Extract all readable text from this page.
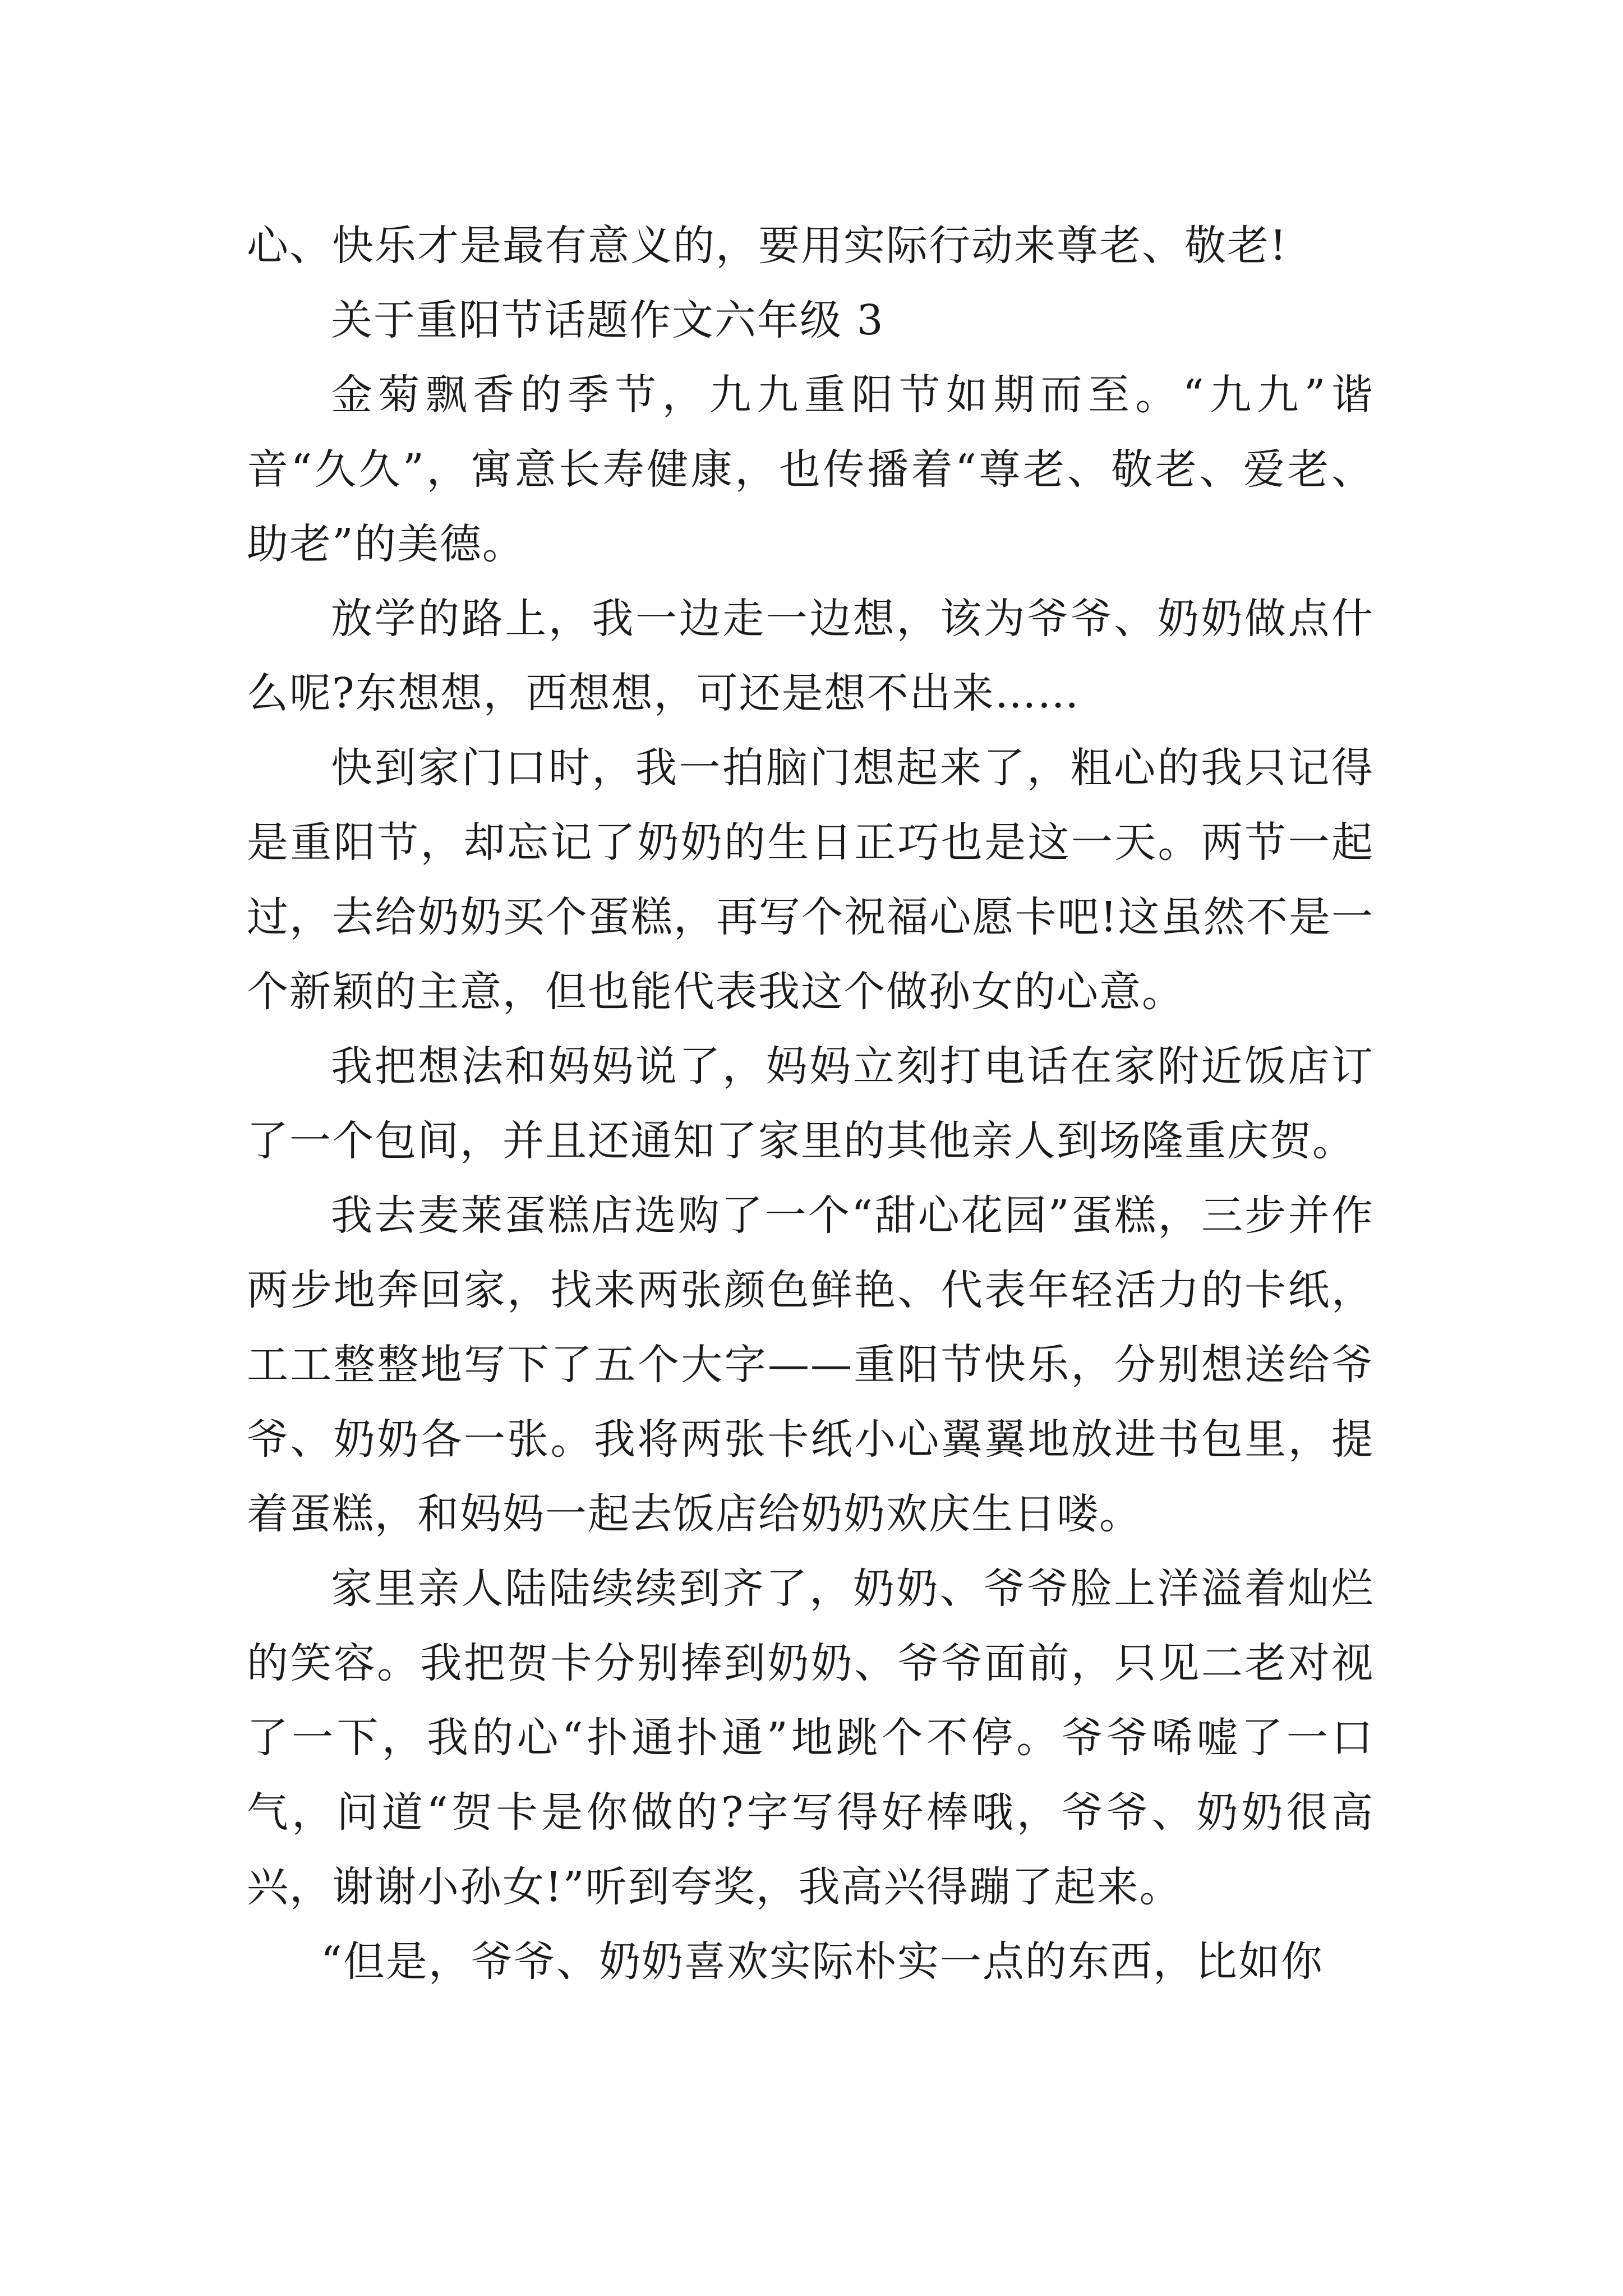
心、快乐才是最有意义的，要用实际行动来尊老、敬老!

关于重阳节话题作文六年级 3

金菊飘香的季节，九九重阳节如期而至。“九九”谐音“久久”，寓意长寿健康，也传播着“尊老、敬老、爱老、助老”的美德。

放学的路上，我一边走一边想，该为爷爷、奶奶做点什么呢?东想想，西想想，可还是想不出来……

快到家门口时，我一拍脑门想起来了，粗心的我只记得是重阳节，却忘记了奶奶的生日正巧也是这一天。两节一起过，去给奶奶买个蛋糕，再写个祝福心愿卡吧!这虽然不是一个新颖的主意，但也能代表我这个做孙女的心意。

我把想法和妈妈说了，妈妈立刻打电话在家附近饭店订了一个包间，并且还通知了家里的其他亲人到场隆重庆贺。

我去麦莱蛋糕店选购了一个“甜心花园”蛋糕，三步并作两步地奔回家，找来两张颜色鲜艳、代表年轻活力的卡纸，工工整整地写下了五个大字——重阳节快乐，分别想送给爷爷、奶奶各一张。我将两张卡纸小心翼翼地放进书包里，提着蛋糕，和妈妈一起去饭店给奶奶欢庆生日喽。

家里亲人陆陆续续到齐了，奶奶、爷爷脸上洋溢着灿烂的笑容。我把贺卡分别捧到奶奶、爷爷面前，只见二老对视了一下，我的心“扑通扑通”地跳个不停。爷爷唏嘘了一口气，问道“贺卡是你做的?字写得好棒哦，爷爷、奶奶很高兴，谢谢小孙女!”听到夸奖，我高兴得蹦了起来。

“但是，爷爷、奶奶喜欢实际朴实一点的东西，比如你
